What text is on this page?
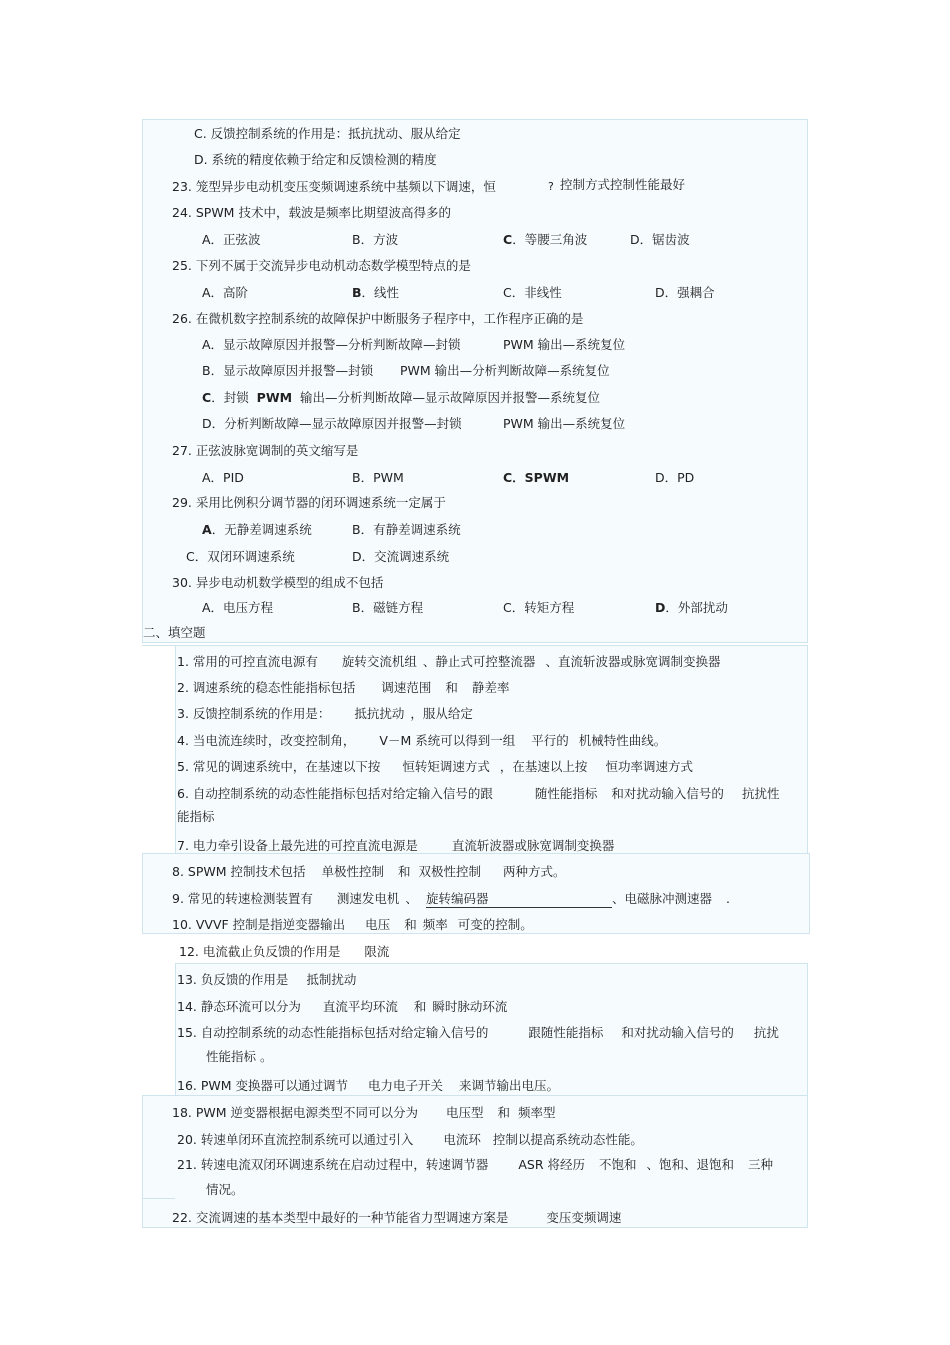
C. 反馈控制系统的作用是：抵抗扰动、服从给定
D. 系统的精度依赖于给定和反馈检测的精度
23. 笼型异步电动机变压变频调速系统中基频以下调速，恒	? 控制方式控制性能最好
24. SPWM 技术中，载波是频率比期望波高得多的
A．正弦波	B．方波	C．等腰三角波	D．锯齿波
25. 下列不属于交流异步电动机动态数学模型特点的是
A．高阶	B．线性	C．非线性	D．强耦合
26. 在微机数字控制系统的故障保护中断服务子程序中，工作程序正确的是
A．显示故障原因并报警—分析判断故障—封锁	PWM 输出—系统复位
B．显示故障原因并报警—封锁 PWM 输出—分析判断故障—系统复位
C．封锁 PWM 输出—分析判断故障—显示故障原因并报警—系统复位
D．分析判断故障—显示故障原因并报警—封锁	PWM 输出—系统复位
27. 正弦波脉宽调制的英文缩写是
A．PID	B．PWM	C．SPWM	D．PD
29. 采用比例积分调节器的闭环调速系统一定属于
A．无静差调速系统	B．有静差调速系统
C．双闭环调速系统	D．交流调速系统
30. 异步电动机数学模型的组成不包括
A．电压方程	B．磁链方程	C．转矩方程	D．外部扰动
二、填空题
1. 常用的可控直流电源有 旋转交流机组 、静止式可控整流器 、直流斩波器或脉宽调制变换器
2. 调速系统的稳态性能指标包括 调速范围 和 静差率
3. 反馈控制系统的作用是： 抵抗扰动 ，服从给定
4. 当电流连续时，改变控制角， V－M 系统可以得到一组 平行的 机械特性曲线。
5. 常见的调速系统中，在基速以下按 恒转矩调速方式 ，在基速以上按 恒功率调速方式
6. 自动控制系统的动态性能指标包括对给定输入信号的跟	随性能指标 和对扰动输入信号的 抗扰性
能指标
7. 电力牵引设备上最先进的可控直流电源是	直流斩波器或脉宽调制变换器
8. SPWM 控制技术包括 单极性控制 和 双极性控制 两种方式。
9. 常见的转速检测装置有 测速发电机 、 旋转编码器	、电磁脉冲测速器 .
10. VVVF 控制是指逆变器输出 电压 和 频率 可变的控制。
12. 电流截止负反馈的作用是 限流
13. 负反馈的作用是 抵制扰动
14. 静态环流可以分为 直流平均环流 和 瞬时脉动环流
15. 自动控制系统的动态性能指标包括对给定输入信号的	跟随性能指标 和对扰动输入信号的 抗扰
性能指标 。
16. PWM 变换器可以通过调节 电力电子开关 来调节输出电压。
18. PWM 逆变器根据电源类型不同可以分为 电压型 和 频率型
20. 转速单闭环直流控制系统可以通过引入 电流环 控制以提高系统动态性能。
21. 转速电流双闭环调速系统在启动过程中，转速调节器 ASR 将经历 不饱和 、饱和、退饱和 三种
情况。
22. 交流调速的基本类型中最好的一种节能省力型调速方案是	变压变频调速
